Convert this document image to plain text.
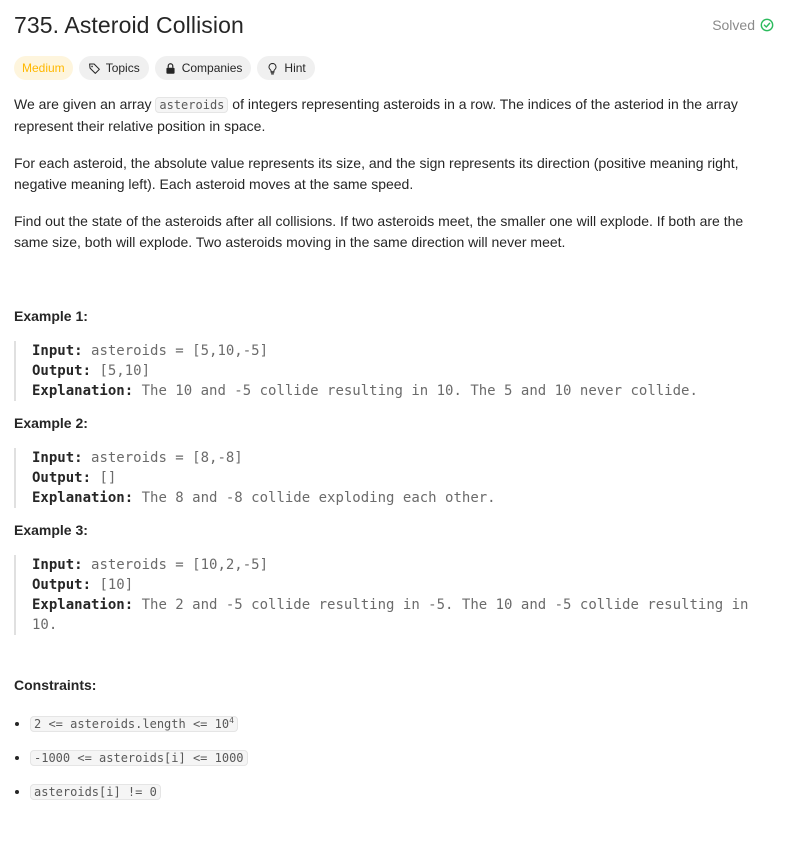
735. Asteroid Collision	Solved
Medium	Topics	Companies	Hint

We are given an array asteroids of integers representing asteroids in a row. The indices of the asteriod in the array represent their relative position in space.

For each asteroid, the absolute value represents its size, and the sign represents its direction (positive meaning right, negative meaning left). Each asteroid moves at the same speed.

Find out the state of the asteroids after all collisions. If two asteroids meet, the smaller one will explode. If both are the same size, both will explode. Two asteroids moving in the same direction will never meet.

Example 1:

Input: asteroids = [5,10,-5]
Output: [5,10]
Explanation: The 10 and -5 collide resulting in 10. The 5 and 10 never collide.

Example 2:

Input: asteroids = [8,-8]
Output: []
Explanation: The 8 and -8 collide exploding each other.

Example 3:

Input: asteroids = [10,2,-5]
Output: [10]
Explanation: The 2 and -5 collide resulting in -5. The 10 and -5 collide resulting in 10.

Constraints:

• 2 <= asteroids.length <= $10^4$
• -1000 <= asteroids[i] <= 1000
• asteroids[i] != 0
